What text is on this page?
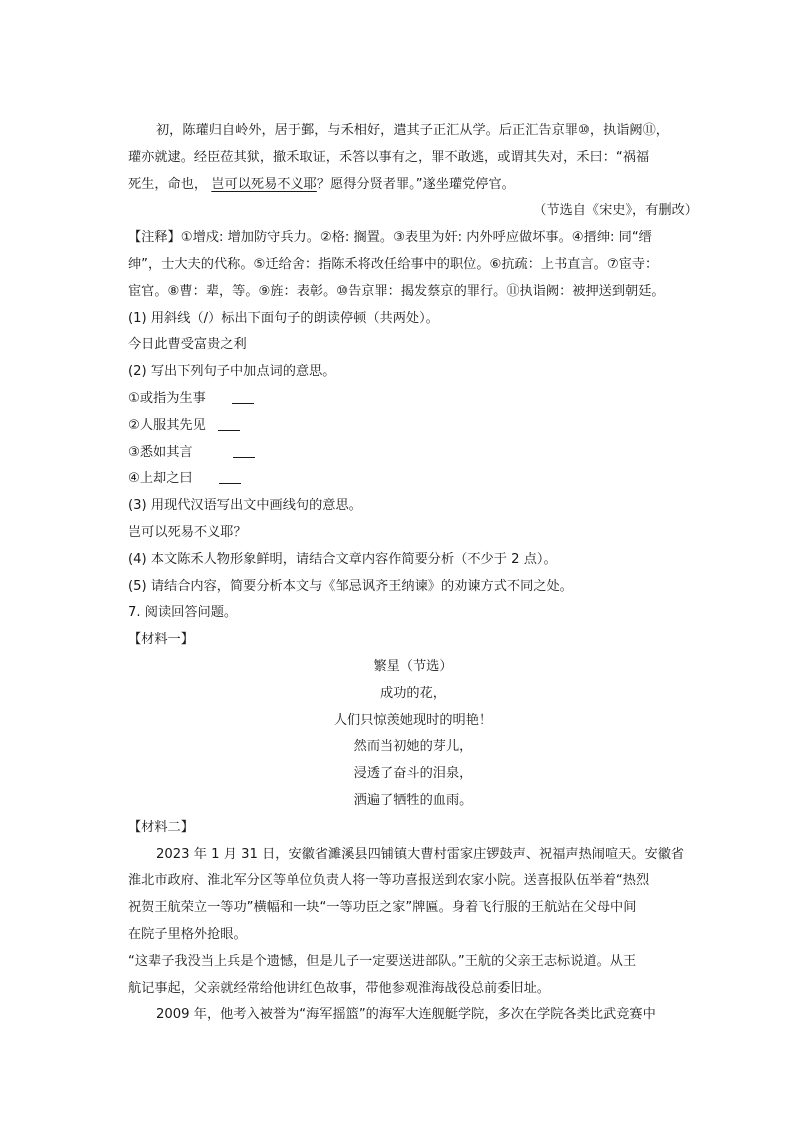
初，陈瓘归自岭外，居于鄞，与禾相好，遣其子正汇从学。后正汇告京罪⑩，执诣阙⑪，
瓘亦就逮。经臣莅其狱，撤禾取证，禾答以事有之，罪不敢逃，或谓其失对，禾曰：“祸福
死生，命也， 岂可以死易不义耶？愿得分贤者罪。”遂坐瓘党停官。
（节选自《宋史》，有删改）
【注释】①增戍: 增加防守兵力。②格: 搁置。③表里为奸: 内外呼应做坏事。④搢绅: 同“缙
绅”，士大夫的代称。⑤迁给舍：指陈禾将改任给事中的职位。⑥抗疏：上书直言。⑦宦寺：
宦官。⑧曹：辈，等。⑨旌：表彰。⑩告京罪：揭发蔡京的罪行。⑪执诣阙：被押送到朝廷。
(1) 用斜线（/）标出下面句子的朗读停顿（共两处）。
今日此曹受富贵之利
(2) 写出下列句子中加点词的意思。
①或指为生事
②人服其先见
③悉如其言
④上却之曰
(3) 用现代汉语写出文中画线句的意思。
岂可以死易不义耶？
(4) 本文陈禾人物形象鲜明，请结合文章内容作简要分析（不少于 2 点）。
(5) 请结合内容，简要分析本文与《邹忌讽齐王纳谏》的劝谏方式不同之处。
7. 阅读回答问题。
【材料一】
繁星（节选）
成功的花，
人们只惊羡她现时的明艳！
然而当初她的芽儿，
浸透了奋斗的泪泉，
洒遍了牺牲的血雨。
【材料二】
2023 年 1 月 31 日，安徽省濉溪县四铺镇大曹村雷家庄锣鼓声、祝福声热闹喧天。安徽省
淮北市政府、淮北军分区等单位负责人将一等功喜报送到农家小院。送喜报队伍举着“热烈
祝贺王航荣立一等功”横幅和一块“一等功臣之家”牌匾。身着飞行服的王航站在父母中间
在院子里格外抢眼。
“这辈子我没当上兵是个遗憾，但是儿子一定要送进部队。”王航的父亲王志标说道。从王
航记事起，父亲就经常给他讲红色故事，带他参观淮海战役总前委旧址。
2009 年，他考入被誉为“海军摇篮”的海军大连舰艇学院，多次在学院各类比武竞赛中
